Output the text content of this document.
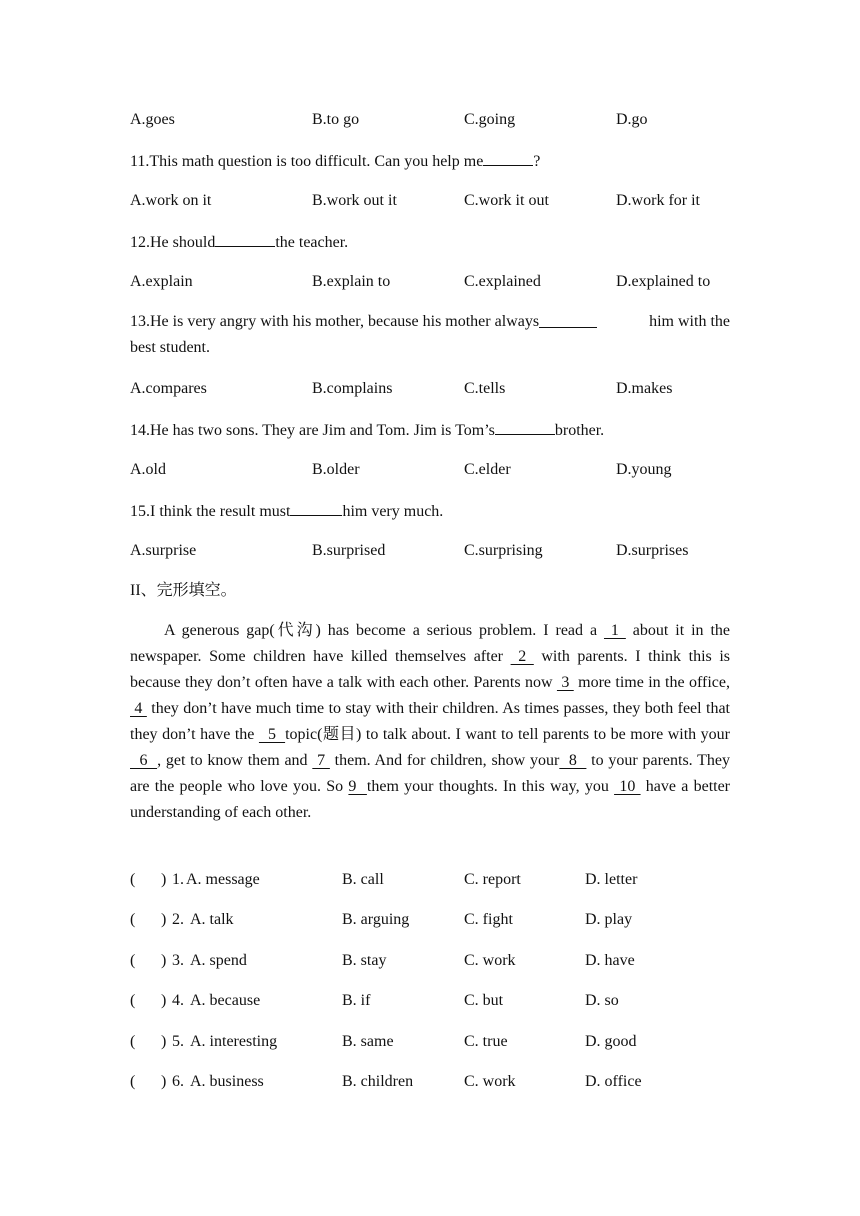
A.goes	B.to go	C.going	D.go
11.This math question is too difficult. Can you help me	?
A.work on it	B.work out it	C.work it out	D.work for it
12.He should	the teacher.
A.explain	B.explain to	C.explained	D.explained to
13.He is very angry with his mother, because his mother always	him with the
best student.
A.compares	B.complains	C.tells	D.makes
14.He has two sons. They are Jim and Tom. Jim is Tom’s	brother.
A.old	B.older	C.elder	D.young
15.I think the result must	him very much.
A.surprise	B.surprised	C.surprising	D.surprises
II、完形填空。
A generous gap(代沟) has become a serious problem. I read a  1  about it in the newspaper. Some children have killed themselves after  2  with parents. I think this is because they don’t often have a talk with each other. Parents now  3  more time in the office,  4  they don’t have much time to stay with their children. As times passes, they both feel that they don’t have the   5  topic(题目) to talk about. I want to tell parents to be more with your  6  , get to know them and  7  them. And for children, show your  8   to your parents. They are the people who love you. So 9  them your thoughts. In this way, you  10  have a better understanding of each other.
( ) 1. A. message	B. call	C. report	D. letter
( ) 2. A. talk	B. arguing	C. fight	D. play
( ) 3. A. spend	B. stay	C. work	D. have
( ) 4. A. because	B. if	C. but	D. so
( ) 5. A. interesting	B. same	C. true	D. good
( ) 6. A. business	B. children	C. work	D. office
